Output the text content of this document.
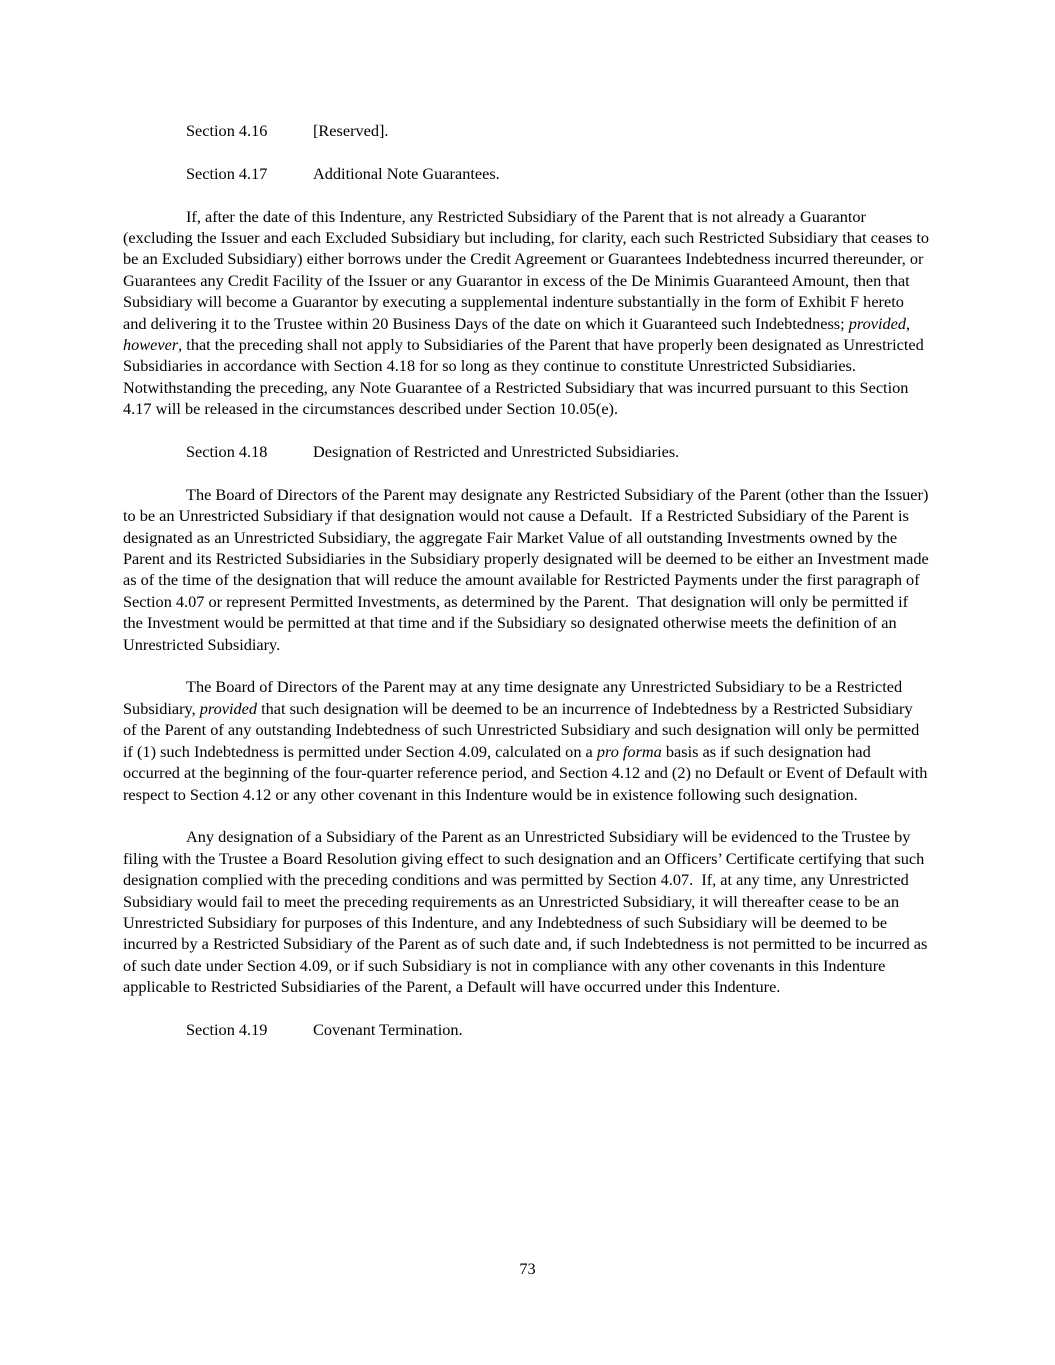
Section 4.16	[Reserved].

Section 4.17	Additional Note Guarantees.

If, after the date of this Indenture, any Restricted Subsidiary of the Parent that is not already a Guarantor (excluding the Issuer and each Excluded Subsidiary but including, for clarity, each such Restricted Subsidiary that ceases to be an Excluded Subsidiary) either borrows under the Credit Agreement or Guarantees Indebtedness incurred thereunder, or Guarantees any Credit Facility of the Issuer or any Guarantor in excess of the De Minimis Guaranteed Amount, then that Subsidiary will become a Guarantor by executing a supplemental indenture substantially in the form of Exhibit F hereto and delivering it to the Trustee within 20 Business Days of the date on which it Guaranteed such Indebtedness; provided, however, that the preceding shall not apply to Subsidiaries of the Parent that have properly been designated as Unrestricted Subsidiaries in accordance with Section 4.18 for so long as they continue to constitute Unrestricted Subsidiaries.  Notwithstanding the preceding, any Note Guarantee of a Restricted Subsidiary that was incurred pursuant to this Section 4.17 will be released in the circumstances described under Section 10.05(e).

Section 4.18	Designation of Restricted and Unrestricted Subsidiaries.

The Board of Directors of the Parent may designate any Restricted Subsidiary of the Parent (other than the Issuer) to be an Unrestricted Subsidiary if that designation would not cause a Default.  If a Restricted Subsidiary of the Parent is designated as an Unrestricted Subsidiary, the aggregate Fair Market Value of all outstanding Investments owned by the Parent and its Restricted Subsidiaries in the Subsidiary properly designated will be deemed to be either an Investment made as of the time of the designation that will reduce the amount available for Restricted Payments under the first paragraph of Section 4.07 or represent Permitted Investments, as determined by the Parent.  That designation will only be permitted if the Investment would be permitted at that time and if the Subsidiary so designated otherwise meets the definition of an Unrestricted Subsidiary.

The Board of Directors of the Parent may at any time designate any Unrestricted Subsidiary to be a Restricted Subsidiary, provided that such designation will be deemed to be an incurrence of Indebtedness by a Restricted Subsidiary of the Parent of any outstanding Indebtedness of such Unrestricted Subsidiary and such designation will only be permitted if (1) such Indebtedness is permitted under Section 4.09, calculated on a pro forma basis as if such designation had occurred at the beginning of the four-quarter reference period, and Section 4.12 and (2) no Default or Event of Default with respect to Section 4.12 or any other covenant in this Indenture would be in existence following such designation.

Any designation of a Subsidiary of the Parent as an Unrestricted Subsidiary will be evidenced to the Trustee by filing with the Trustee a Board Resolution giving effect to such designation and an Officers’ Certificate certifying that such designation complied with the preceding conditions and was permitted by Section 4.07.  If, at any time, any Unrestricted Subsidiary would fail to meet the preceding requirements as an Unrestricted Subsidiary, it will thereafter cease to be an Unrestricted Subsidiary for purposes of this Indenture, and any Indebtedness of such Subsidiary will be deemed to be incurred by a Restricted Subsidiary of the Parent as of such date and, if such Indebtedness is not permitted to be incurred as of such date under Section 4.09, or if such Subsidiary is not in compliance with any other covenants in this Indenture applicable to Restricted Subsidiaries of the Parent, a Default will have occurred under this Indenture.

Section 4.19	Covenant Termination.

73
